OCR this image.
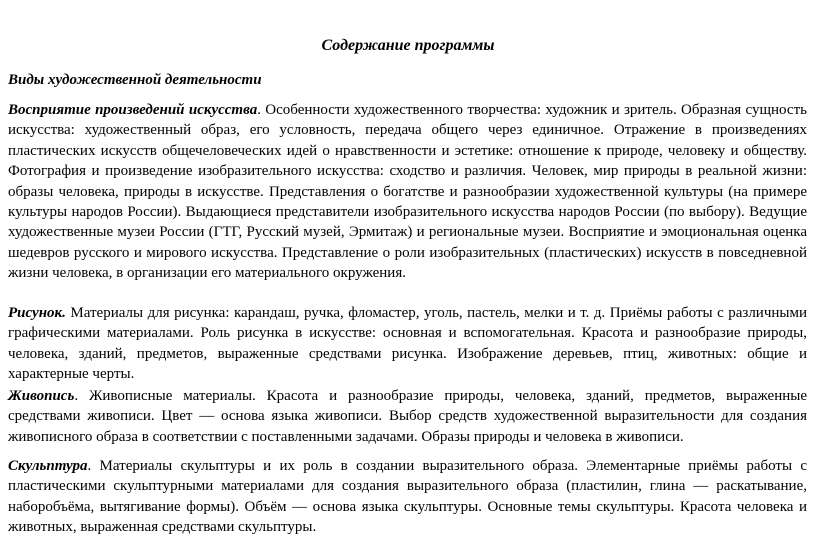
Содержание программы
Виды художественной деятельности

Восприятие произведений искусства. Особенности художественного творчества: художник и зритель. Образная сущность искусства: художественный образ, его условность, передача общего через единичное. Отражение в произведениях пластических искусств общечеловеческих идей о нравственности и эстетике: отношение к природе, человеку и обществу. Фотография и произведение изобразительного искусства: сходство и различия. Человек, мир природы в реальной жизни: образы человека, природы в искусстве. Представления о богатстве и разнообразии художественной культуры (на примере культуры народов России). Выдающиеся представители изобразительного искусства народов России (по выбору). Ведущие художественные музеи России (ГТГ, Русский музей, Эрмитаж) и региональные музеи. Восприятие и эмоциональная оценка шедевров русского и мирового искусства. Представление о роли изобразительных (пластических) искусств в повседневной жизни человека, в организации его материального окружения.

Рисунок. Материалы для рисунка: карандаш, ручка, фломастер, уголь, пастель, мелки и т. д. Приёмы работы с различными графическими материалами. Роль рисунка в искусстве: основная и вспомогательная. Красота и разнообразие природы, человека, зданий, предметов, выраженные средствами рисунка. Изображение деревьев, птиц, животных: общие и характерные черты.

Живопись. Живописные материалы. Красота и разнообразие природы, человека, зданий, предметов, выраженные средствами живописи. Цвет — основа языка живописи. Выбор средств художественной выразительности для создания живописного образа в соответствии с поставленными задачами. Образы природы и человека в живописи.

Скульптура. Материалы скульптуры и их роль в создании выразительного образа. Элементарные приёмы работы с пластическими скульптурными материалами для создания выразительного образа (пластилин, глина — раскатывание, наборобъёма, вытягивание формы). Объём — основа языка скульптуры. Основные темы скульптуры. Красота человека и животных, выраженная средствами скульптуры.
